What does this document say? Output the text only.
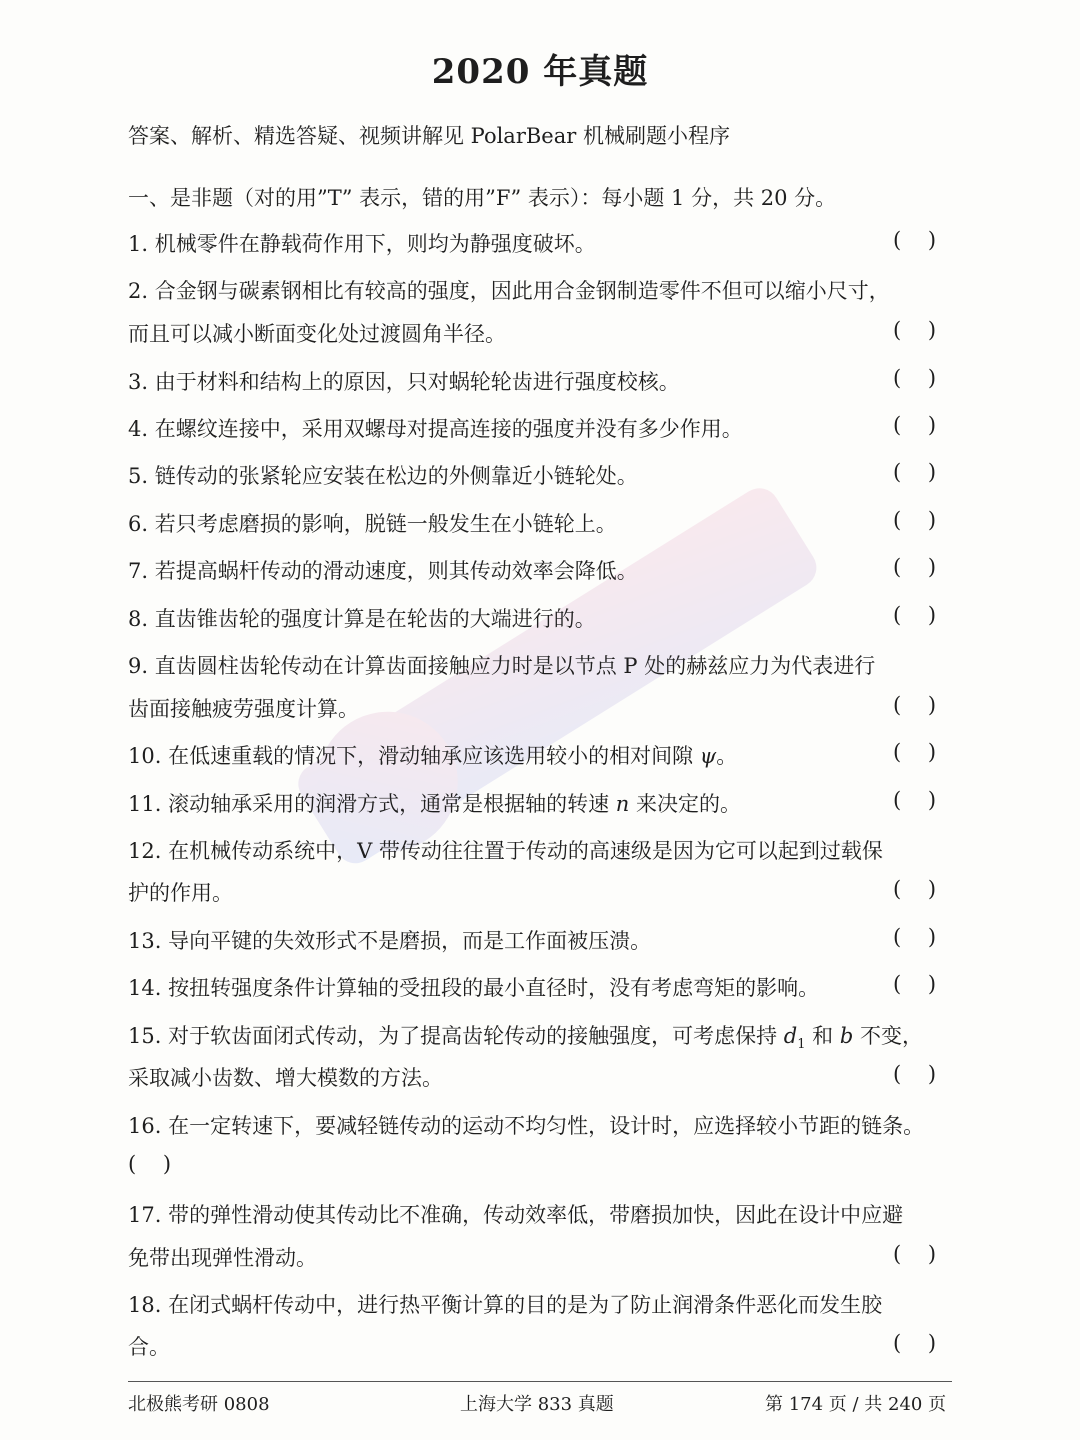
2020 年真题
答案、解析、精选答疑、视频讲解见 PolarBear 机械刷题小程序
一、是非题（对的用”T” 表示，错的用”F” 表示）：每小题 1 分，共 20 分。
1. 机械零件在静载荷作用下，则均为静强度破坏。	(    )
2. 合金钢与碳素钢相比有较高的强度，因此用合金钢制造零件不但可以缩小尺寸，
而且可以减小断面变化处过渡圆角半径。	(    )
3. 由于材料和结构上的原因，只对蜗轮轮齿进行强度校核。	(    )
4. 在螺纹连接中，采用双螺母对提高连接的强度并没有多少作用。	(    )
5. 链传动的张紧轮应安装在松边的外侧靠近小链轮处。	(    )
6. 若只考虑磨损的影响，脱链一般发生在小链轮上。	(    )
7. 若提高蜗杆传动的滑动速度，则其传动效率会降低。	(    )
8. 直齿锥齿轮的强度计算是在轮齿的大端进行的。	(    )
9. 直齿圆柱齿轮传动在计算齿面接触应力时是以节点 P 处的赫兹应力为代表进行
齿面接触疲劳强度计算。	(    )
10. 在低速重载的情况下，滑动轴承应该选用较小的相对间隙 ψ。	(    )
11. 滚动轴承采用的润滑方式，通常是根据轴的转速 n 来决定的。	(    )
12. 在机械传动系统中，V 带传动往往置于传动的高速级是因为它可以起到过载保
护的作用。	(    )
13. 导向平键的失效形式不是磨损，而是工作面被压溃。	(    )
14. 按扭转强度条件计算轴的受扭段的最小直径时，没有考虑弯矩的影响。	(    )
15. 对于软齿面闭式传动，为了提高齿轮传动的接触强度，可考虑保持 $d_1$ 和 b 不变，
采取减小齿数、增大模数的方法。	(    )
16. 在一定转速下，要减轻链传动的运动不均匀性，设计时，应选择较小节距的链条。
(    )
17. 带的弹性滑动使其传动比不准确，传动效率低，带磨损加快，因此在设计中应避
免带出现弹性滑动。	(    )
18. 在闭式蜗杆传动中，进行热平衡计算的目的是为了防止润滑条件恶化而发生胶
合。	(    )
北极熊考研 0808	上海大学 833 真题	第 174 页 / 共 240 页
